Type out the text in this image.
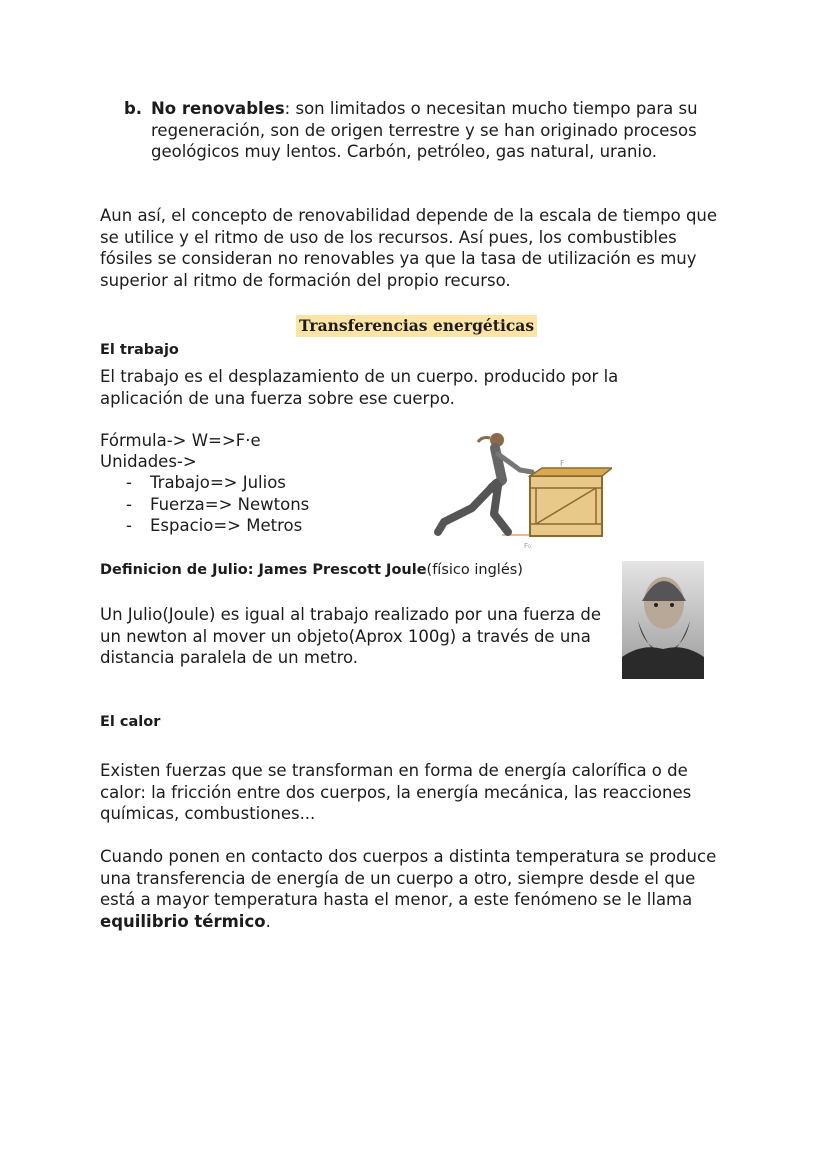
b. No renovables: son limitados o necesitan mucho tiempo para su regeneración, son de origen terrestre y se han originado procesos geológicos muy lentos. Carbón, petróleo, gas natural, uranio.

Aun así, el concepto de renovabilidad depende de la escala de tiempo que se utilice y el ritmo de uso de los recursos. Así pues, los combustibles fósiles se consideran no renovables ya que la tasa de utilización es muy superior al ritmo de formación del propio recurso.

Transferencias energéticas

El trabajo

El trabajo es el desplazamiento de un cuerpo. producido por la aplicación de una fuerza sobre ese cuerpo.

Fórmula-> W=>F·e

Unidades->

- Trabajo=> Julios
- Fuerza=> Newtons
- Espacio=> Metros
F
F₀

Definicion de Julio: James Prescott Joule(físico inglés)

Un Julio(Joule) es igual al trabajo realizado por una fuerza de un newton al mover un objeto(Aprox 100g) a través de una distancia paralela de un metro.

El calor

Existen fuerzas que se transforman en forma de energía calorífica o de calor: la fricción entre dos cuerpos, la energía mecánica, las reacciones químicas, combustiones...

Cuando ponen en contacto dos cuerpos a distinta temperatura se produce una transferencia de energía de un cuerpo a otro, siempre desde el que está a mayor temperatura hasta el menor, a este fenómeno se le llama equilibrio térmico.
